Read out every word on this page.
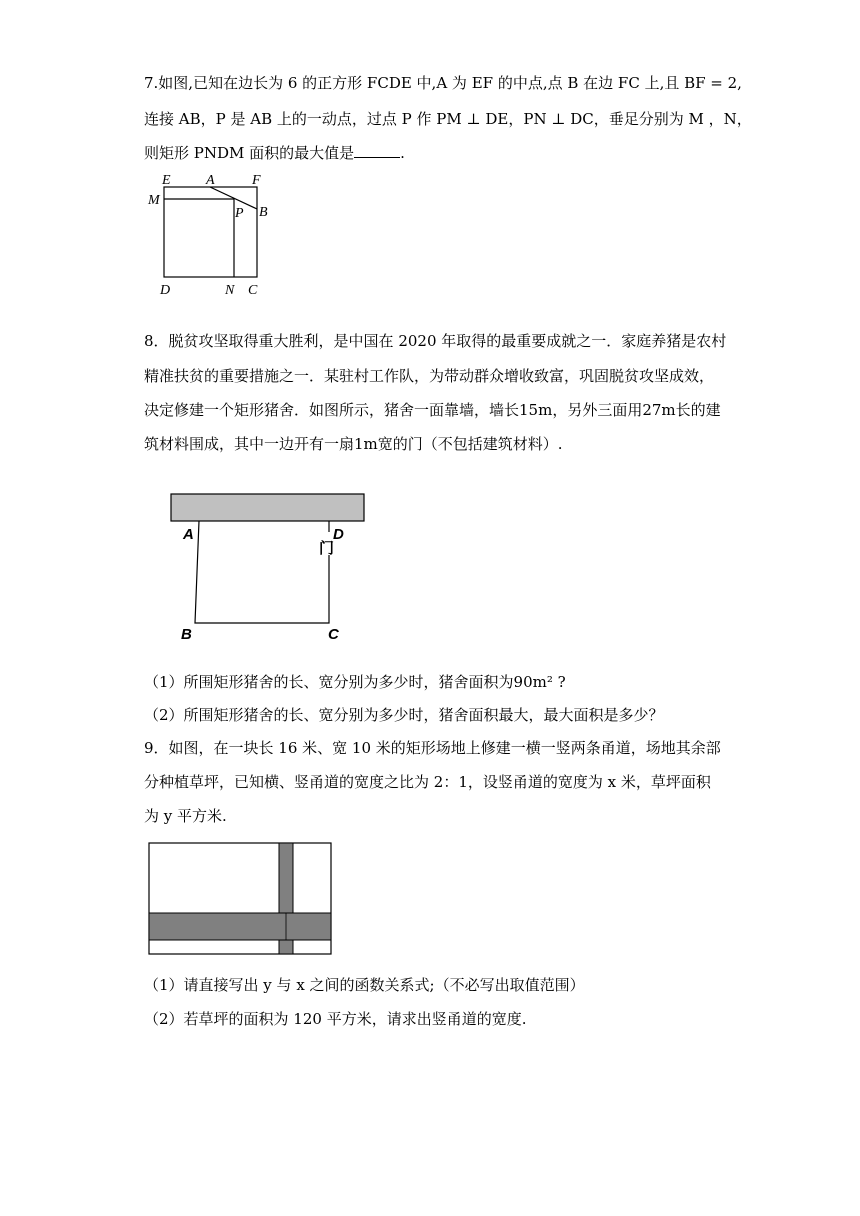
7.如图,已知在边长为 6 的正方形 FCDE 中,A 为 EF 的中点,点 B 在边 FC 上,且 BF = 2,
连接 AB，P 是 AB 上的一动点，过点 P 作 PM ⊥ DE，PN ⊥ DC，垂足分别为 M ，N，
则矩形 PNDM 面积的最大值是	.
E	A	F
M
P B
D	N C
8．脱贫攻坚取得重大胜利，是中国在 2020 年取得的最重要成就之一．家庭养猪是农村
精准扶贫的重要措施之一．某驻村工作队，为带动群众增收致富，巩固脱贫攻坚成效，
决定修建一个矩形猪舍．如图所示，猪舍一面靠墙，墙长15m，另外三面用27m长的建
筑材料围成，其中一边开有一扇1m宽的门（不包括建筑材料）.
A	D
门
B	C
（1）所围矩形猪舍的长、宽分别为多少时，猪舍面积为90m² ?
（2）所围矩形猪舍的长、宽分别为多少时，猪舍面积最大，最大面积是多少？
9．如图，在一块长 16 米、宽 10 米的矩形场地上修建一横一竖两条甬道，场地其余部
分种植草坪，已知横、竖甬道的宽度之比为 2：1，设竖甬道的宽度为 x 米，草坪面积
为 y 平方米.
（1）请直接写出 y 与 x 之间的函数关系式;（不必写出取值范围）
（2）若草坪的面积为 120 平方米，请求出竖甬道的宽度.
